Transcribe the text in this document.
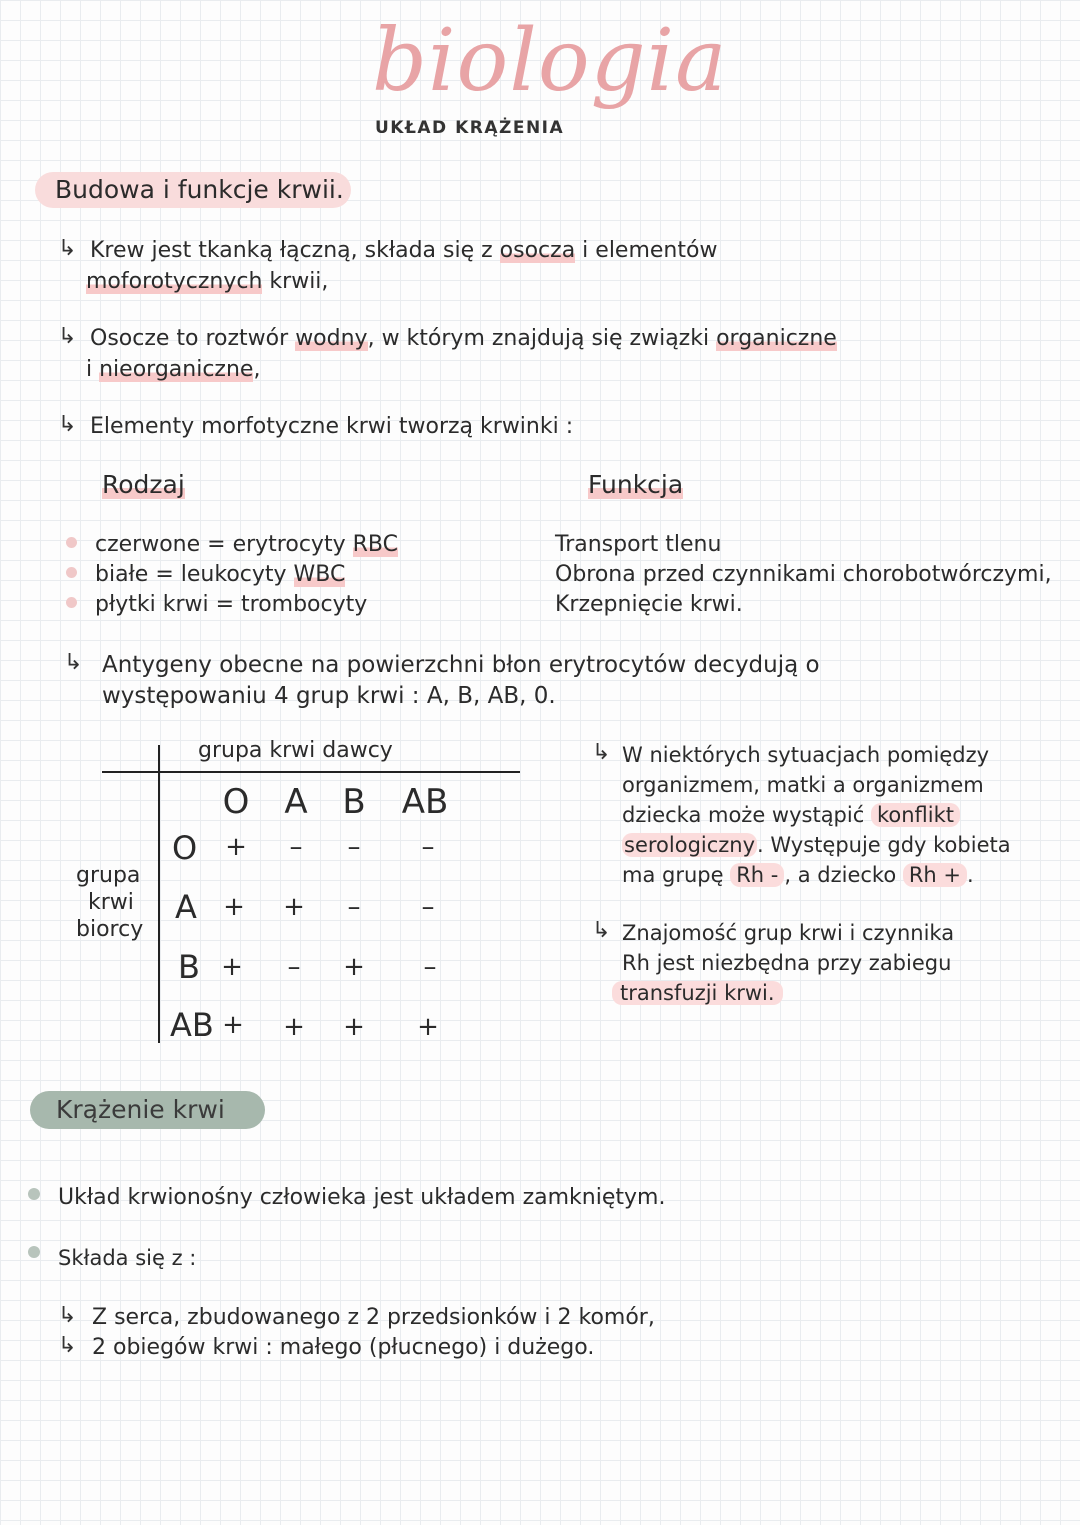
biologia
UKŁAD KRĄŻENIA
Budowa i funkcje krwii.
↳ Krew jest tkanką łączną, składa się z osocza i elementów
moforotycznych krwii,
↳ Osocze to roztwór wodny, w którym znajdują się związki organiczne
i nieorganiczne,
↳ Elementy morfotyczne krwi tworzą krwinki :
Rodzaj	Funkcja
czerwone = erytrocyty RBC	Transport tlenu
białe = leukocyty WBC	Obrona przed czynnikami chorobotwórczymi,
płytki krwi = trombocyty	Krzepnięcie krwi.
↳ Antygeny obecne na powierzchni błon erytrocytów decydują o
występowaniu 4 grup krwi : A, B, AB, 0.
grupa krwi dawcy
O A B AB
grupa
krwi
biorcy
O	+	–	–	–
A	+	+	–	–
B +	–	+	–
AB +	+	+	+
↳ W niektórych sytuacjach pomiędzy
organizmem, matki a organizmem
dziecka może wystąpić konflikt
serologiczny. Występuje gdy kobieta
ma grupę Rh - , a dziecko Rh + .
↳ Znajomość grup krwi i czynnika
Rh jest niezbędna przy zabiegu
transfuzji krwi.
Krążenie krwi
Układ krwionośny człowieka jest układem zamkniętym.
Składa się z :
↳ Z serca, zbudowanego z 2 przedsionków i 2 komór,
↳ 2 obiegów krwi : małego (płucnego) i dużego.
